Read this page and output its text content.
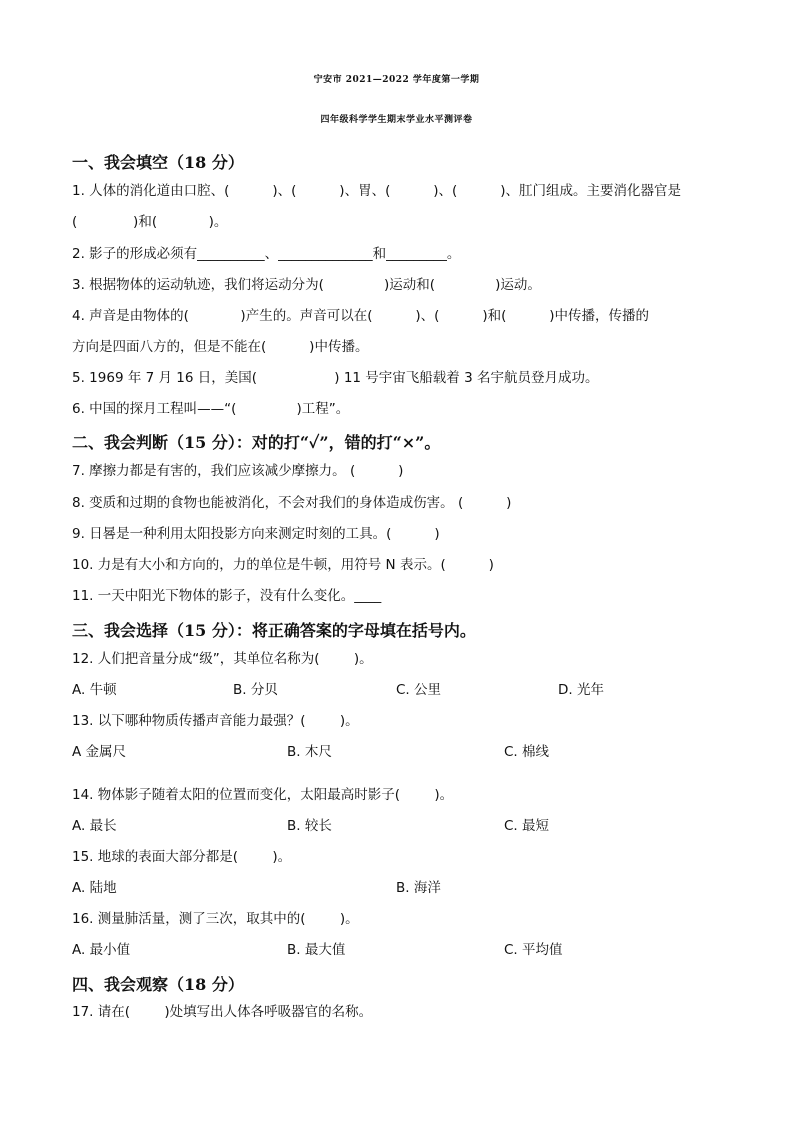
宁安市 2021—2022 学年度第一学期
四年级科学学生期末学业水平测评卷
一、我会填空（18 分）
1. 人体的消化道由口腔、(          )、(          )、胃、(          )、(          )、肛门组成。主要消化器官是
(             )和(            )。
2. 影子的形成必须有__________、______________和_________。
3. 根据物体的运动轨迹，我们将运动分为(              )运动和(              )运动。
4. 声音是由物体的(            )产生的。声音可以在(          )、(          )和(          )中传播，传播的
方向是四面八方的，但是不能在(          )中传播。
5. 1969 年 7 月 16 日，美国(                  ) 11 号宇宙飞船载着 3 名宇航员登月成功。
6. 中国的探月工程叫——“(              )工程”。
二、我会判断（15 分）：对的打“✓”，错的打“×”。
7. 摩擦力都是有害的，我们应该减少摩擦力。 (          )
8. 变质和过期的食物也能被消化，不会对我们的身体造成伤害。 (          )
9. 日晷是一种利用太阳投影方向来测定时刻的工具。(          )
10. 力是有大小和方向的，力的单位是牛顿，用符号 N 表示。(          )
11. 一天中阳光下物体的影子，没有什么变化。____
三、我会选择（15 分）：将正确答案的字母填在括号内。
12. 人们把音量分成“级”，其单位名称为(        )。
A. 牛顿	B. 分贝	C. 公里	D. 光年
13. 以下哪种物质传播声音能力最强？(        )。
A 金属尺	B. 木尺	C. 棉线
14. 物体影子随着太阳的位置而变化，太阳最高时影子(        )。
A. 最长	B. 较长	C. 最短
15. 地球的表面大部分都是(        )。
A. 陆地	B. 海洋
16. 测量肺活量，测了三次，取其中的(        )。
A. 最小值	B. 最大值	C. 平均值
四、我会观察（18 分）
17. 请在(        )处填写出人体各呼吸器官的名称。
